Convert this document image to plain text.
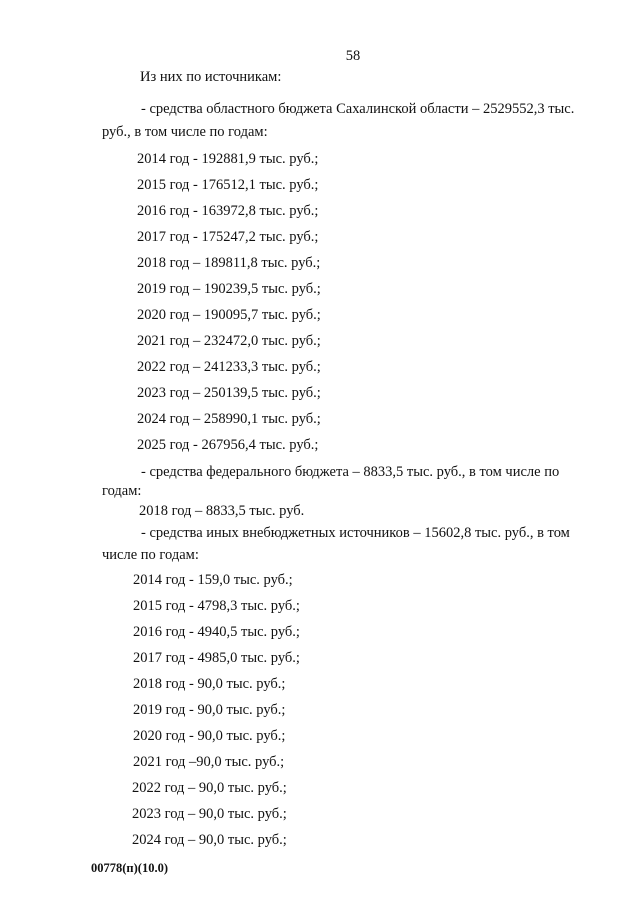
58
Из них по источникам:
- средства областного бюджета Сахалинской области – 2529552,3 тыс.
руб., в том числе по годам:
2014 год - 192881,9 тыс. руб.;
2015 год - 176512,1 тыс. руб.;
2016 год - 163972,8 тыс. руб.;
2017 год - 175247,2 тыс. руб.;
2018 год – 189811,8 тыс. руб.;
2019 год – 190239,5 тыс. руб.;
2020 год – 190095,7 тыс. руб.;
2021 год – 232472,0 тыс. руб.;
2022 год – 241233,3 тыс. руб.;
2023 год – 250139,5 тыс. руб.;
2024 год – 258990,1 тыс. руб.;
2025 год - 267956,4 тыс. руб.;
- средства федерального бюджета – 8833,5 тыс. руб., в том числе по
годам:
2018 год – 8833,5 тыс. руб.
- средства иных внебюджетных источников – 15602,8 тыс. руб., в том
числе по годам:
2014 год - 159,0 тыс. руб.;
2015 год - 4798,3 тыс. руб.;
2016 год - 4940,5 тыс. руб.;
2017 год - 4985,0 тыс. руб.;
2018 год - 90,0 тыс. руб.;
2019 год - 90,0 тыс. руб.;
2020 год - 90,0 тыс. руб.;
2021 год –90,0 тыс. руб.;
2022 год – 90,0 тыс. руб.;
2023 год – 90,0 тыс. руб.;
2024 год – 90,0 тыс. руб.;
00778(п)(10.0)
